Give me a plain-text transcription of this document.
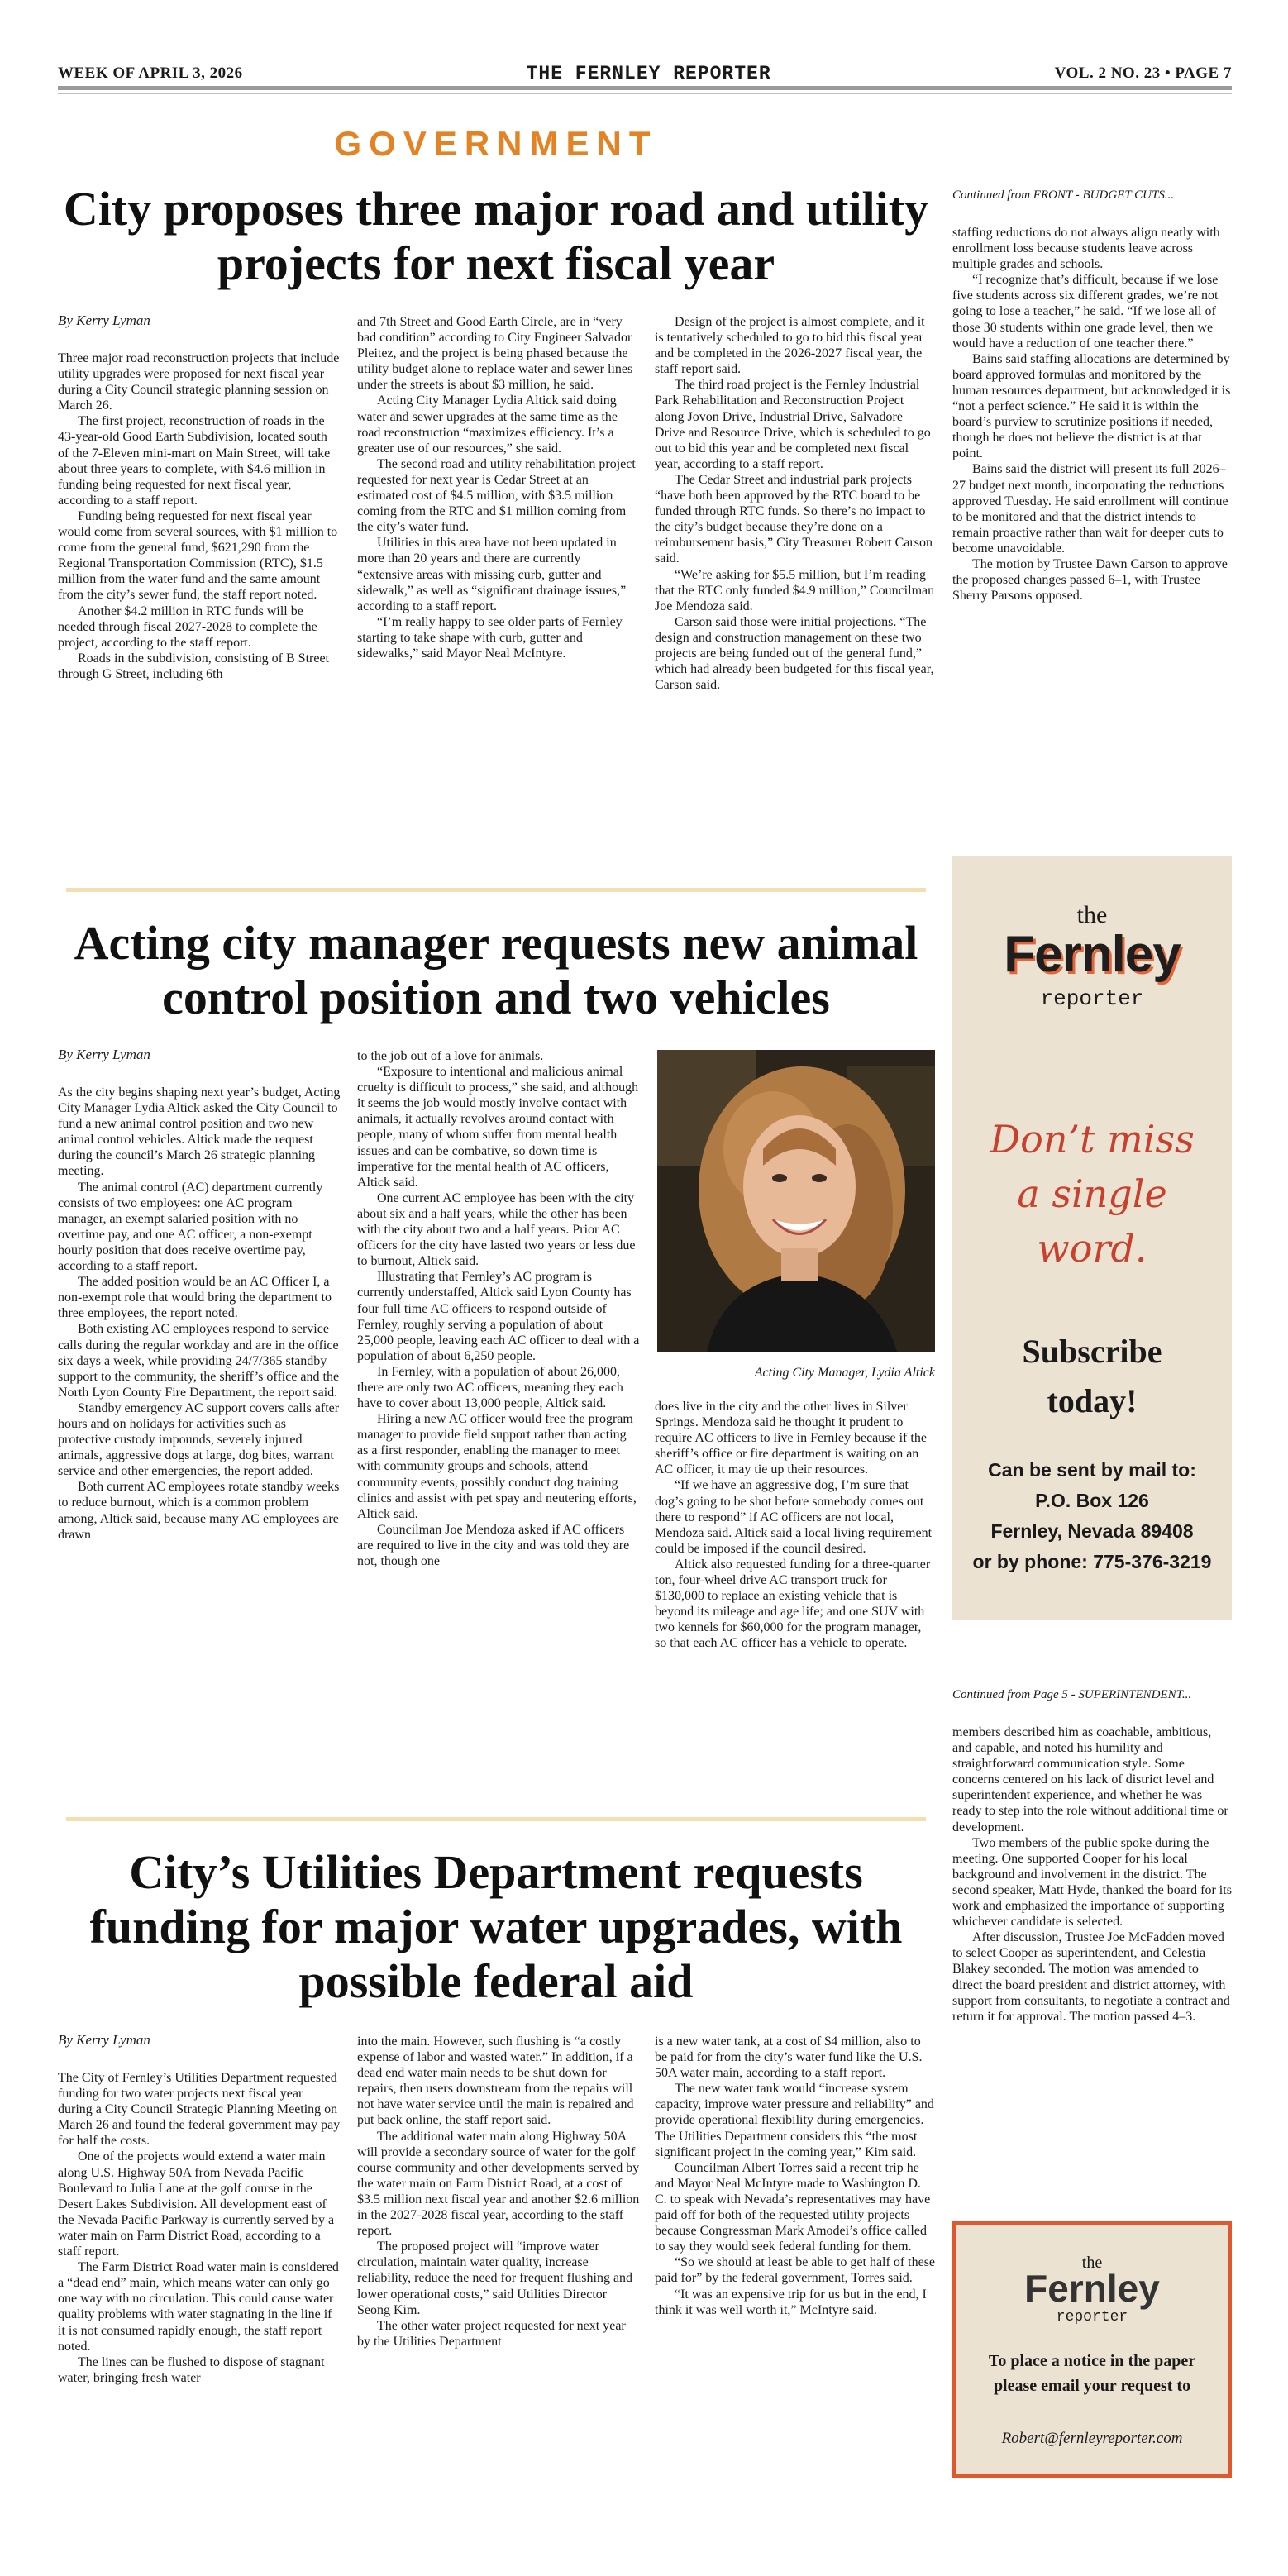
WEEK OF APRIL 3, 2026	THE FERNLEY REPORTER	VOL. 2 NO. 23 • PAGE 7
GOVERNMENT
City proposes three major road and utility projects for next fiscal year
By Kerry Lyman

Three major road reconstruction projects that include utility upgrades were proposed for next fiscal year during a City Council strategic planning session on March 26.

The first project, reconstruction of roads in the 43-year-old Good Earth Subdivision, located south of the 7-Eleven mini-mart on Main Street, will take about three years to complete, with $4.6 million in funding being requested for next fiscal year, according to a staff report.

Funding being requested for next fiscal year would come from several sources, with $1 million to come from the general fund, $621,290 from the Regional Transportation Commission (RTC), $1.5 million from the water fund and the same amount from the city’s sewer fund, the staff report noted.

Another $4.2 million in RTC funds will be needed through fiscal 2027-2028 to complete the project, according to the staff report.

Roads in the subdivision, consisting of B Street through G Street, including 6th

and 7th Street and Good Earth Circle, are in “very bad condition” according to City Engineer Salvador Pleitez, and the project is being phased because the utility budget alone to replace water and sewer lines under the streets is about $3 million, he said.

Acting City Manager Lydia Altick said doing water and sewer upgrades at the same time as the road reconstruction “maximizes efficiency. It’s a greater use of our resources,” she said.

The second road and utility rehabilitation project requested for next year is Cedar Street at an estimated cost of $4.5 million, with $3.5 million coming from the RTC and $1 million coming from the city’s water fund.

Utilities in this area have not been updated in more than 20 years and there are currently “extensive areas with missing curb, gutter and sidewalk,” as well as “significant drainage issues,” according to a staff report.

“I’m really happy to see older parts of Fernley starting to take shape with curb, gutter and sidewalks,” said Mayor Neal McIntyre.

Design of the project is almost complete, and it is tentatively scheduled to go to bid this fiscal year and be completed in the 2026-2027 fiscal year, the staff report said.

The third road project is the Fernley Industrial Park Rehabilitation and Reconstruction Project along Jovon Drive, Industrial Drive, Salvadore Drive and Resource Drive, which is scheduled to go out to bid this year and be completed next fiscal year, according to a staff report.

The Cedar Street and industrial park projects “have both been approved by the RTC board to be funded through RTC funds. So there’s no impact to the city’s budget because they’re done on a reimbursement basis,” City Treasurer Robert Carson said.

“We’re asking for $5.5 million, but I’m reading that the RTC only funded $4.9 million,” Councilman Joe Mendoza said.

Carson said those were initial projections. “The design and construction management on these two projects are being funded out of the general fund,” which had already been budgeted for this fiscal year, Carson said.

Continued from FRONT - BUDGET CUTS...

staffing reductions do not always align neatly with enrollment loss because students leave across multiple grades and schools.

“I recognize that’s difficult, because if we lose five students across six different grades, we’re not going to lose a teacher,” he said. “If we lose all of those 30 students within one grade level, then we would have a reduction of one teacher there.”

Bains said staffing allocations are determined by board approved formulas and monitored by the human resources department, but acknowledged it is “not a perfect science.” He said it is within the board’s purview to scrutinize positions if needed, though he does not believe the district is at that point.

Bains said the district will present its full 2026–27 budget next month, incorporating the reductions approved Tuesday. He said enrollment will continue to be monitored and that the district intends to remain proactive rather than wait for deeper cuts to become unavoidable.

The motion by Trustee Dawn Carson to approve the proposed changes passed 6–1, with Trustee Sherry Parsons opposed.

Acting city manager requests new animal control position and two vehicles
By Kerry Lyman

As the city begins shaping next year’s budget, Acting City Manager Lydia Altick asked the City Council to fund a new animal control position and two new animal control vehicles. Altick made the request during the council’s March 26 strategic planning meeting.

The animal control (AC) department currently consists of two employees: one AC program manager, an exempt salaried position with no overtime pay, and one AC officer, a non-exempt hourly position that does receive overtime pay, according to a staff report.

The added position would be an AC Officer I, a non-exempt role that would bring the department to three employees, the report noted.

Both existing AC employees respond to service calls during the regular workday and are in the office six days a week, while providing 24/7/365 standby support to the community, the sheriff’s office and the North Lyon County Fire Department, the report said.

Standby emergency AC support covers calls after hours and on holidays for activities such as protective custody impounds, severely injured animals, aggressive dogs at large, dog bites, warrant service and other emergencies, the report added.

Both current AC employees rotate standby weeks to reduce burnout, which is a common problem among, Altick said, because many AC employees are drawn

to the job out of a love for animals.

“Exposure to intentional and malicious animal cruelty is difficult to process,” she said, and although it seems the job would mostly involve contact with animals, it actually revolves around contact with people, many of whom suffer from mental health issues and can be combative, so down time is imperative for the mental health of AC officers, Altick said.

One current AC employee has been with the city about six and a half years, while the other has been with the city about two and a half years. Prior AC officers for the city have lasted two years or less due to burnout, Altick said.

Illustrating that Fernley’s AC program is currently understaffed, Altick said Lyon County has four full time AC officers to respond outside of Fernley, roughly serving a population of about 25,000 people, leaving each AC officer to deal with a population of about 6,250 people.

In Fernley, with a population of about 26,000, there are only two AC officers, meaning they each have to cover about 13,000 people, Altick said.

Hiring a new AC officer would free the program manager to provide field support rather than acting as a first responder, enabling the manager to meet with community groups and schools, attend community events, possibly conduct dog training clinics and assist with pet spay and neutering efforts, Altick said.

Councilman Joe Mendoza asked if AC officers are required to live in the city and was told they are not, though one

Acting City Manager, Lydia Altick

does live in the city and the other lives in Silver Springs. Mendoza said he thought it prudent to require AC officers to live in Fernley because if the sheriff’s office or fire department is waiting on an AC officer, it may tie up their resources.

“If we have an aggressive dog, I’m sure that dog’s going to be shot before somebody comes out there to respond” if AC officers are not local, Mendoza said. Altick said a local living requirement could be imposed if the council desired.

Altick also requested funding for a three-quarter ton, four-wheel drive AC transport truck for $130,000 to replace an existing vehicle that is beyond its mileage and age life; and one SUV with two kennels for $60,000 for the program manager, so that each AC officer has a vehicle to operate.

the
Fernley
reporter
Don’t miss
a single word.
Subscribe
today!
Can be sent by mail to:
P.O. Box 126
Fernley, Nevada 89408
or by phone: 775-376-3219
Continued from Page 5 - SUPERINTENDENT...

members described him as coachable, ambitious, and capable, and noted his humility and straightforward communication style. Some concerns centered on his lack of district level and superintendent experience, and whether he was ready to step into the role without additional time or development.

Two members of the public spoke during the meeting. One supported Cooper for his local background and involvement in the district. The second speaker, Matt Hyde, thanked the board for its work and emphasized the importance of supporting whichever candidate is selected.

After discussion, Trustee Joe McFadden moved to select Cooper as superintendent, and Celestia Blakey seconded. The motion was amended to direct the board president and district attorney, with support from consultants, to negotiate a contract and return it for approval. The motion passed 4–3.

City’s Utilities Department requests funding for major water upgrades, with possible federal aid
By Kerry Lyman

The City of Fernley’s Utilities Department requested funding for two water projects next fiscal year during a City Council Strategic Planning Meeting on March 26 and found the federal government may pay for half the costs.

One of the projects would extend a water main along U.S. Highway 50A from Nevada Pacific Boulevard to Julia Lane at the golf course in the Desert Lakes Subdivision. All development east of the Nevada Pacific Parkway is currently served by a water main on Farm District Road, according to a staff report.

The Farm District Road water main is considered a “dead end” main, which means water can only go one way with no circulation. This could cause water quality problems with water stagnating in the line if it is not consumed rapidly enough, the staff report noted.

The lines can be flushed to dispose of stagnant water, bringing fresh water

into the main. However, such flushing is “a costly expense of labor and wasted water.” In addition, if a dead end water main needs to be shut down for repairs, then users downstream from the repairs will not have water service until the main is repaired and put back online, the staff report said.

The additional water main along Highway 50A will provide a secondary source of water for the golf course community and other developments served by the water main on Farm District Road, at a cost of $3.5 million next fiscal year and another $2.6 million in the 2027-2028 fiscal year, according to the staff report.

The proposed project will “improve water circulation, maintain water quality, increase reliability, reduce the need for frequent flushing and lower operational costs,” said Utilities Director Seong Kim.

The other water project requested for next year by the Utilities Department

is a new water tank, at a cost of $4 million, also to be paid for from the city’s water fund like the U.S. 50A water main, according to a staff report.

The new water tank would “increase system capacity, improve water pressure and reliability” and provide operational flexibility during emergencies. The Utilities Department considers this “the most significant project in the coming year,” Kim said.

Councilman Albert Torres said a recent trip he and Mayor Neal McIntyre made to Washington D. C. to speak with Nevada’s representatives may have paid off for both of the requested utility projects because Congressman Mark Amodei’s office called to say they would seek federal funding for them.

“So we should at least be able to get half of these paid for” by the federal government, Torres said.

“It was an expensive trip for us but in the end, I think it was well worth it,” McIntyre said.

the
Fernley
reporter
To place a notice in the paper please email your request to
Robert@fernleyreporter.com
